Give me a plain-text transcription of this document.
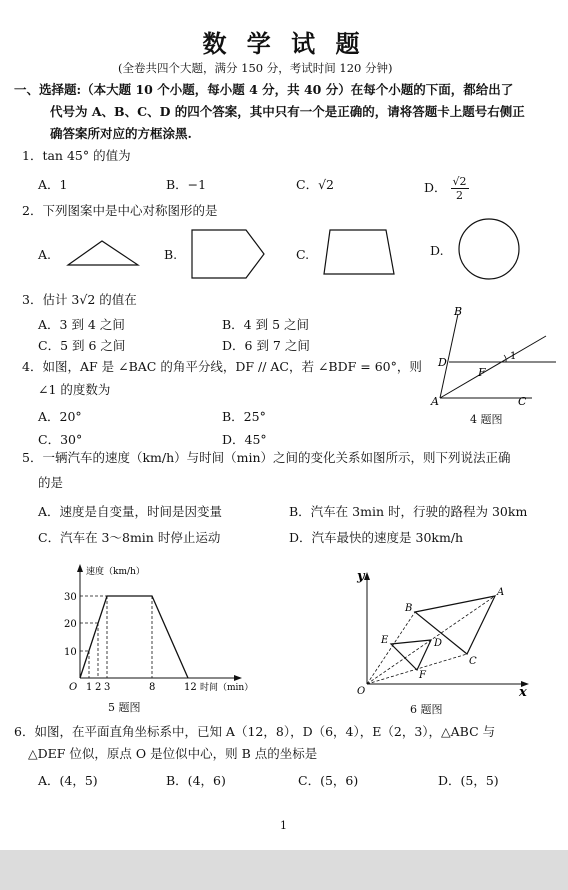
数 学 试 题
(全卷共四个大题，满分 150 分，考试时间 120 分钟)
一、选择题:（本大题 10 个小题，每小题 4 分，共 40 分）在每个小题的下面，都给出了
代号为 A、B、C、D 的四个答案，其中只有一个是正确的，请将答题卡上题号右侧正
确答案所对应的方框涂黑.
1．tan 45° 的值为
A．1	B．−1	C．√2	D． $\frac{√2}{2}$
2．下列图案中是中心对称图形的是
A.	B.	C.	D.
3．估计 3√2 的值在
A．3 到 4 之间	B．4 到 5 之间
C．5 到 6 之间	D．6 到 7 之间
4．如图，AF 是 ∠BAC 的角平分线，DF // AC，若 ∠BDF = 60°，则
∠1 的度数为
A．20°	B．25°
C．30°	D．45°
B
D
F
A	C
1
4 题图
5．一辆汽车的速度（km/h）与时间（min）之间的变化关系如图所示，则下列说法正确
的是
A．速度是自变量，时间是因变量	B．汽车在 3min 时，行驶的路程为 30km
C．汽车在 3～8min 时停止运动	D．汽车最快的速度是 30km/h
速度（km/h）
30
20
10
O 1 2 3	8	12 时间（min）
5 题图
y
x
O
A
B
C
D
E
F
6 题图
6．如图，在平面直角坐标系中，已知 A（12，8），D（6，4），E（2，3），△ABC 与
△DEF 位似，原点 O 是位似中心，则 B 点的坐标是
A．(4，5)	B．(4，6)	C．(5，6)	D．(5，5)
1
